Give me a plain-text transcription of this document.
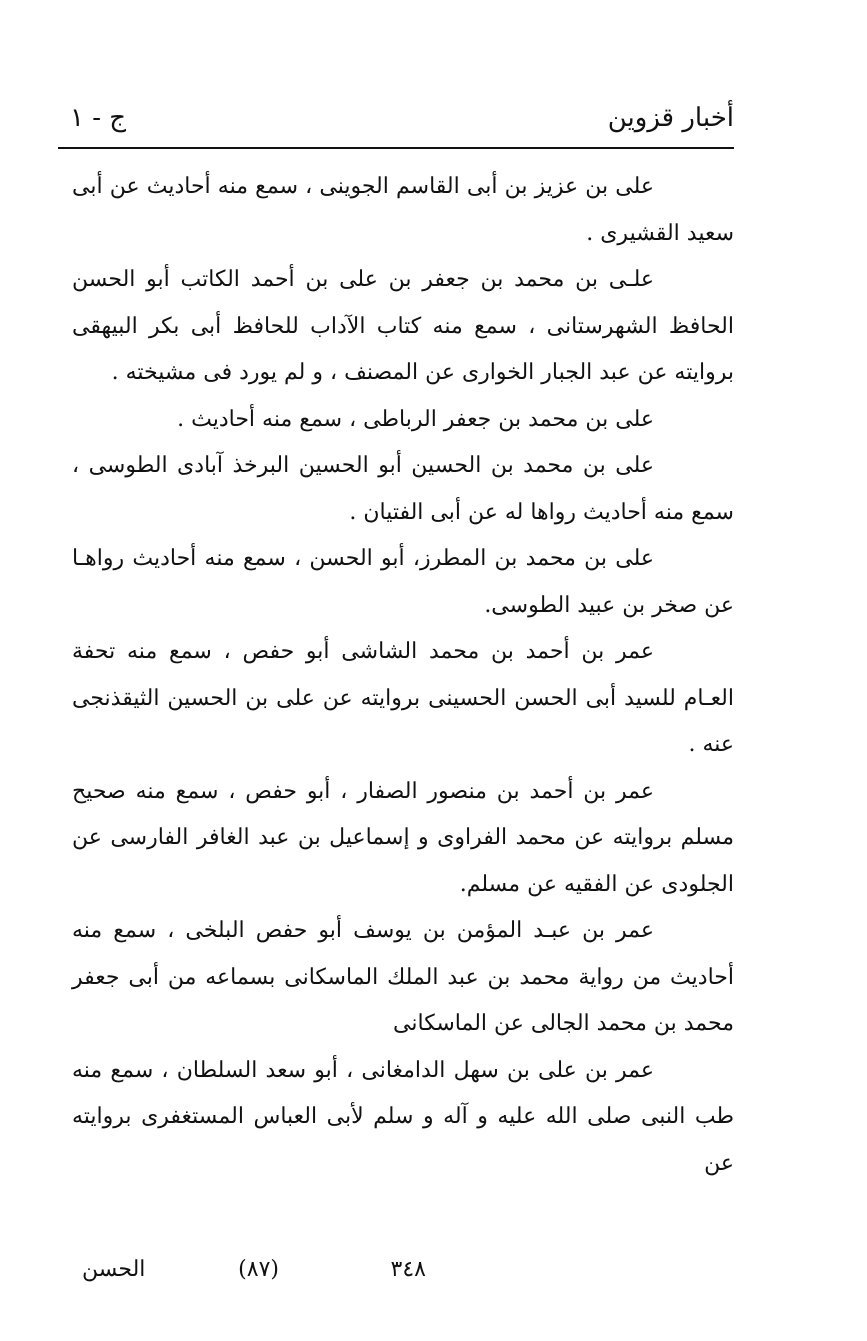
أخبار قزوين
ج - ١

على بن عزيز بن أبى القاسم الجوينى ، سمع منه أحاديث عن أبى سعيد القشيرى .

علـى بن محمد بن جعفر بن على بن أحمد الكاتب أبو الحسن الحافظ الشهرستانى ، سمع منه كتاب الآداب للحافظ أبى بكر البيهقى بروايته عن عبد الجبار الخوارى عن المصنف ، و لم يورد فى مشيخته .

على بن محمد بن جعفر الرباطى ، سمع منه أحاديث .

على بن محمد بن الحسين أبو الحسين البرخذ آبادى الطوسى ، سمع منه أحاديث رواها له عن أبى الفتيان .

على بن محمد بن المطرز، أبو الحسن ، سمع منه أحاديث رواهـا عن صخر بن عبيد الطوسى.

عمر بن أحمد بن محمد الشاشى أبو حفص ، سمع منه تحفة العـام للسيد أبى الحسن الحسينى بروايته عن على بن الحسين الثيقذنجى عنه .

عمر بن أحمد بن منصور الصفار ، أبو حفص ، سمع منه صحيح مسلم بروايته عن محمد الفراوى و إسماعيل بن عبد الغافر الفارسى عن الجلودى عن الفقيه عن مسلم.

عمر بن عبـد المؤمن بن يوسف أبو حفص البلخى ، سمع منه أحاديث من رواية محمد بن عبد الملك الماسكانى بسماعه من أبى جعفر محمد بن محمد الجالى عن الماسكانى

عمر بن على بن سهل الدامغانى ، أبو سعد السلطان ، سمع منه طب النبى صلى الله عليه و آله و سلم لأبى العباس المستغفرى بروايته عن

٣٤٨
(٨٧)
الحسن
